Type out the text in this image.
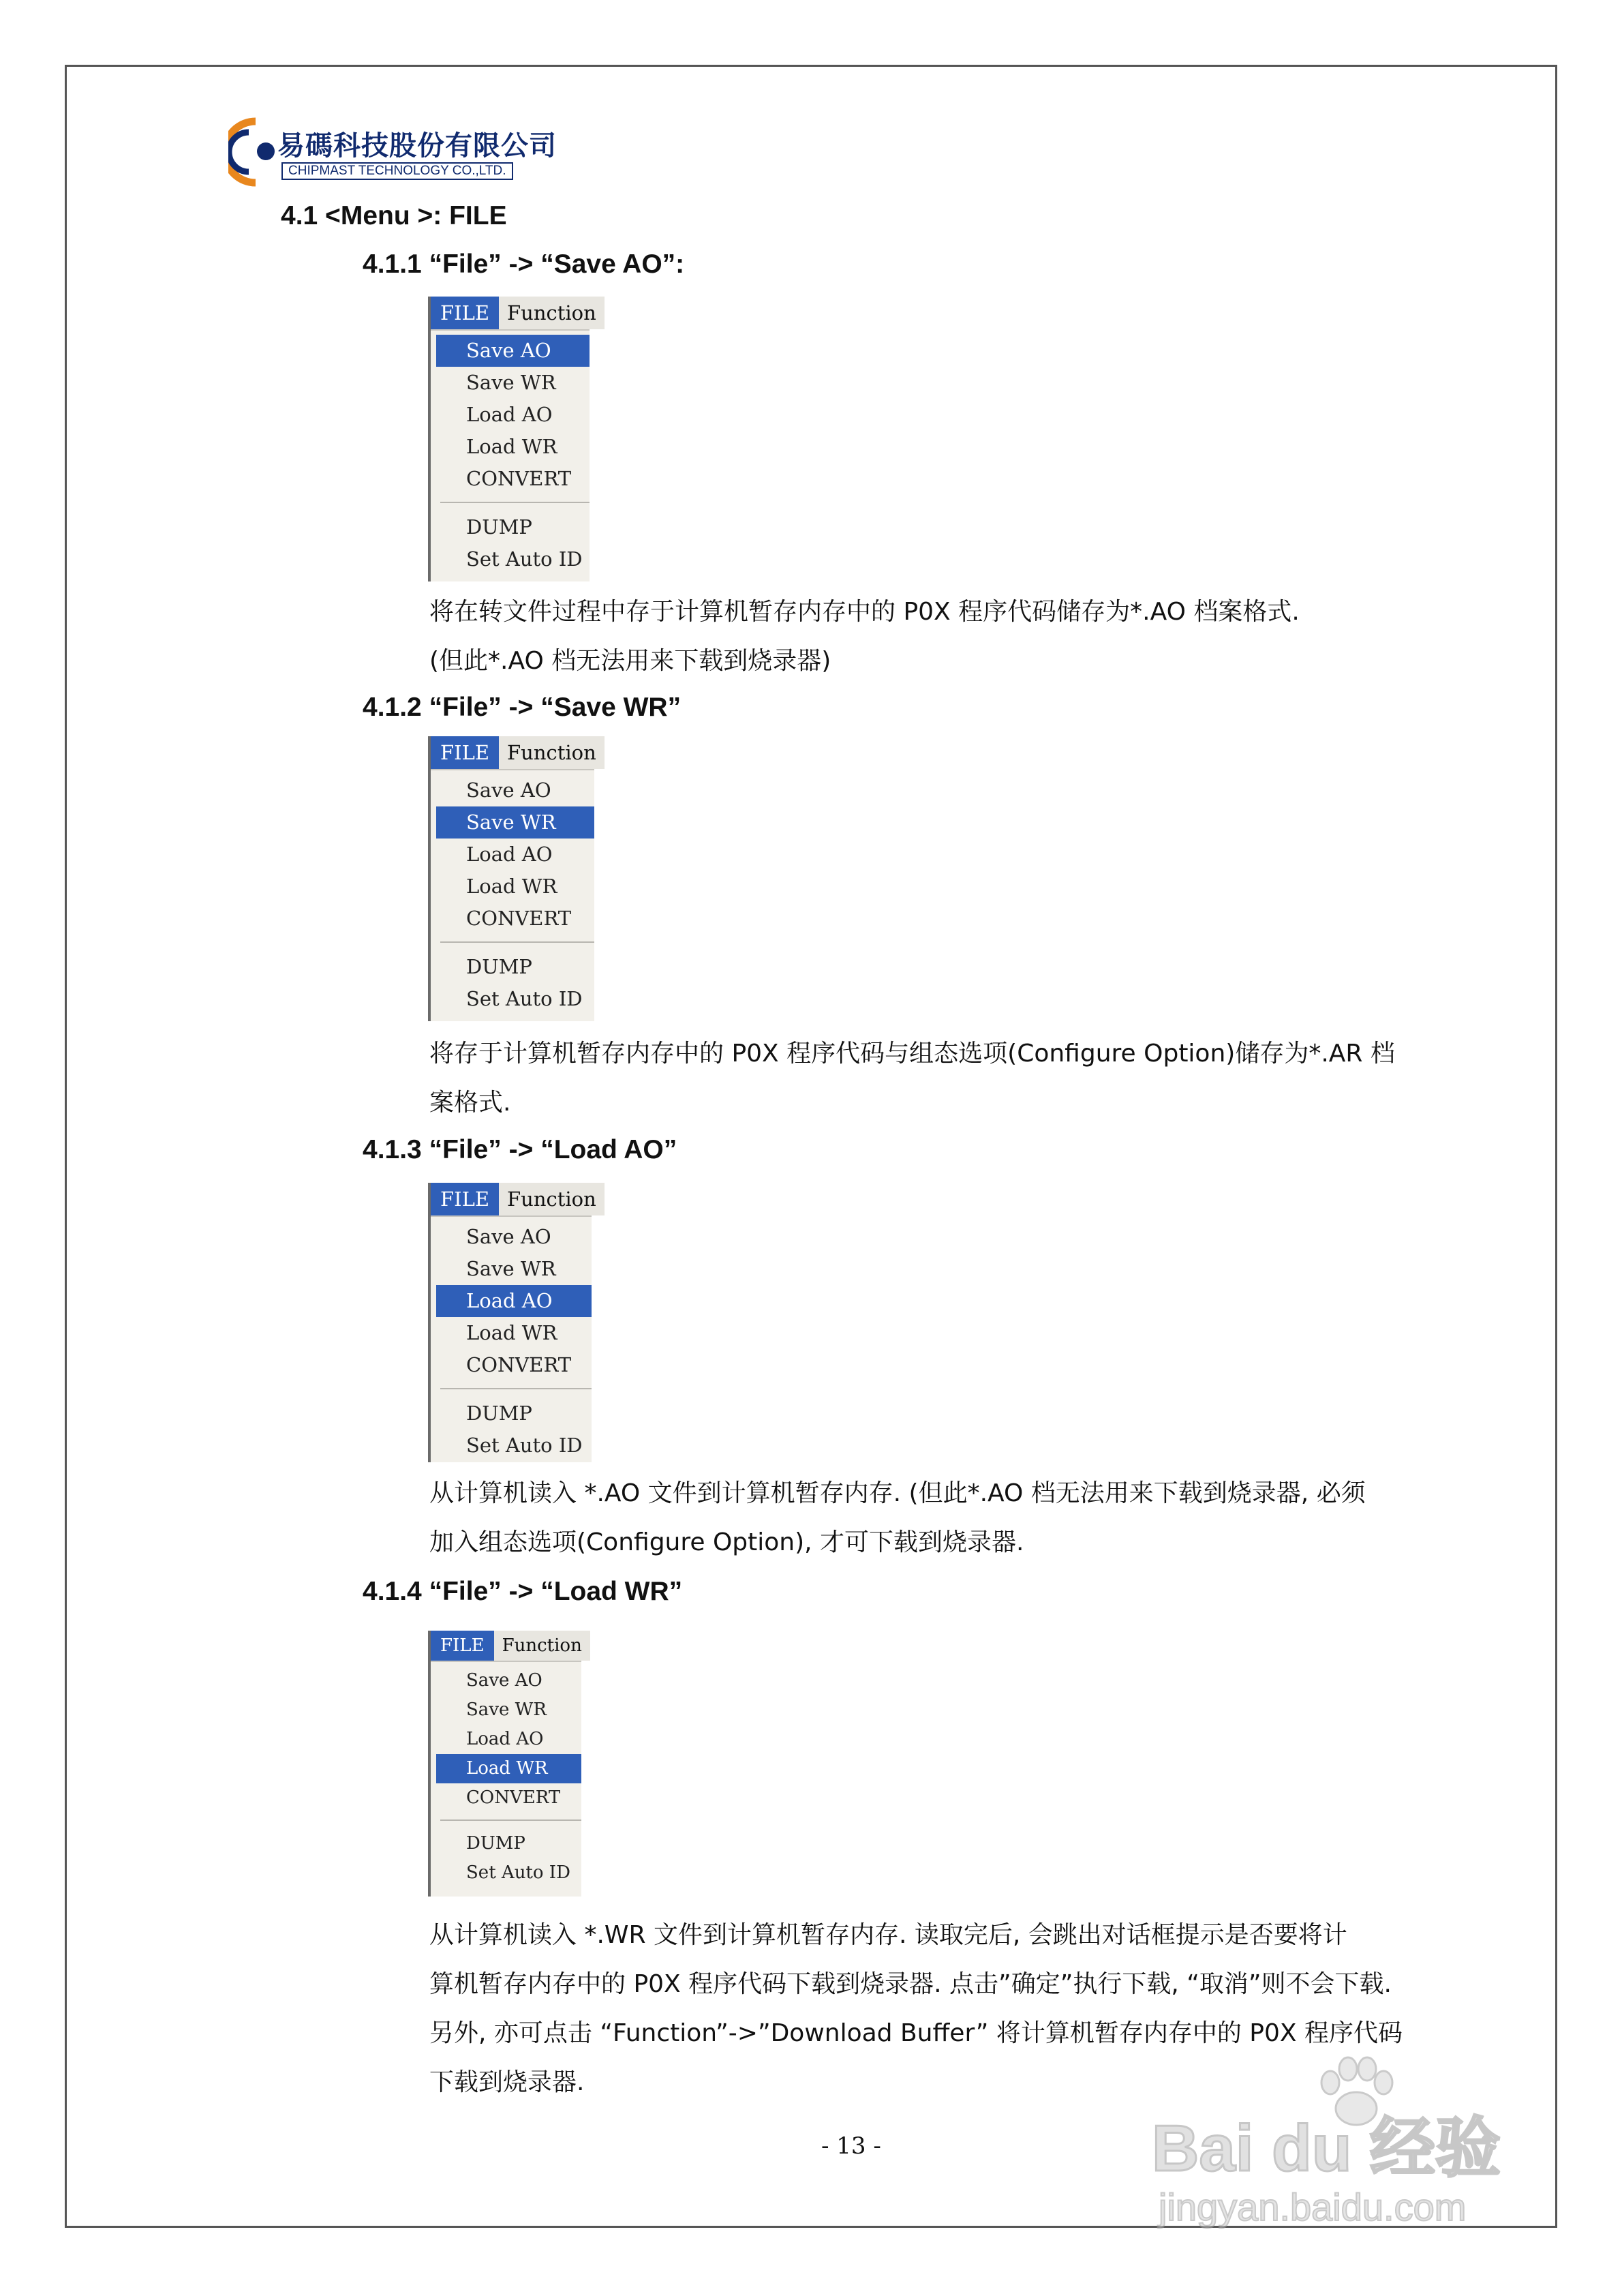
易碼科技股份有限公司
CHIPMAST TECHNOLOGY CO.,LTD.
4.1 <Menu >: FILE
4.1.1 “File” -> “Save AO”:
FILE Function
Save AO
Save WR
Load AO
Load WR
CONVERT
DUMP
Set Auto ID

将在转文件过程中存于计算机暂存内存中的 P0X 程序代码储存为*.AO 档案格式.

(但此*.AO 档无法用来下载到烧录器)

4.1.2 “File” -> “Save WR”
FILE Function
Save AO
Save WR
Load AO
Load WR
CONVERT
DUMP
Set Auto ID

将存于计算机暂存内存中的 P0X 程序代码与组态选项(Configure Option)储存为*.AR 档

案格式.

4.1.3 “File” -> “Load AO”
FILE Function
Save AO
Save WR
Load AO
Load WR
CONVERT
DUMP
Set Auto ID

从计算机读入 *.AO 文件到计算机暂存内存. (但此*.AO 档无法用来下载到烧录器, 必须

加入组态选项(Configure Option), 才可下载到烧录器.

4.1.4 “File” -> “Load WR”
FILE	Function
Save AO
Save WR
Load AO
Load WR
CONVERT
DUMP
Set Auto ID

从计算机读入 *.WR 文件到计算机暂存内存. 读取完后, 会跳出对话框提示是否要将计

算机暂存内存中的 P0X 程序代码下载到烧录器. 点击”确定”执行下载, “取消”则不会下载.

另外, 亦可点击 “Function”->”Download Buffer” 将计算机暂存内存中的 P0X 程序代码

下载到烧录器.

- 13 -	Bai du 经验
jingyan.baidu.com
